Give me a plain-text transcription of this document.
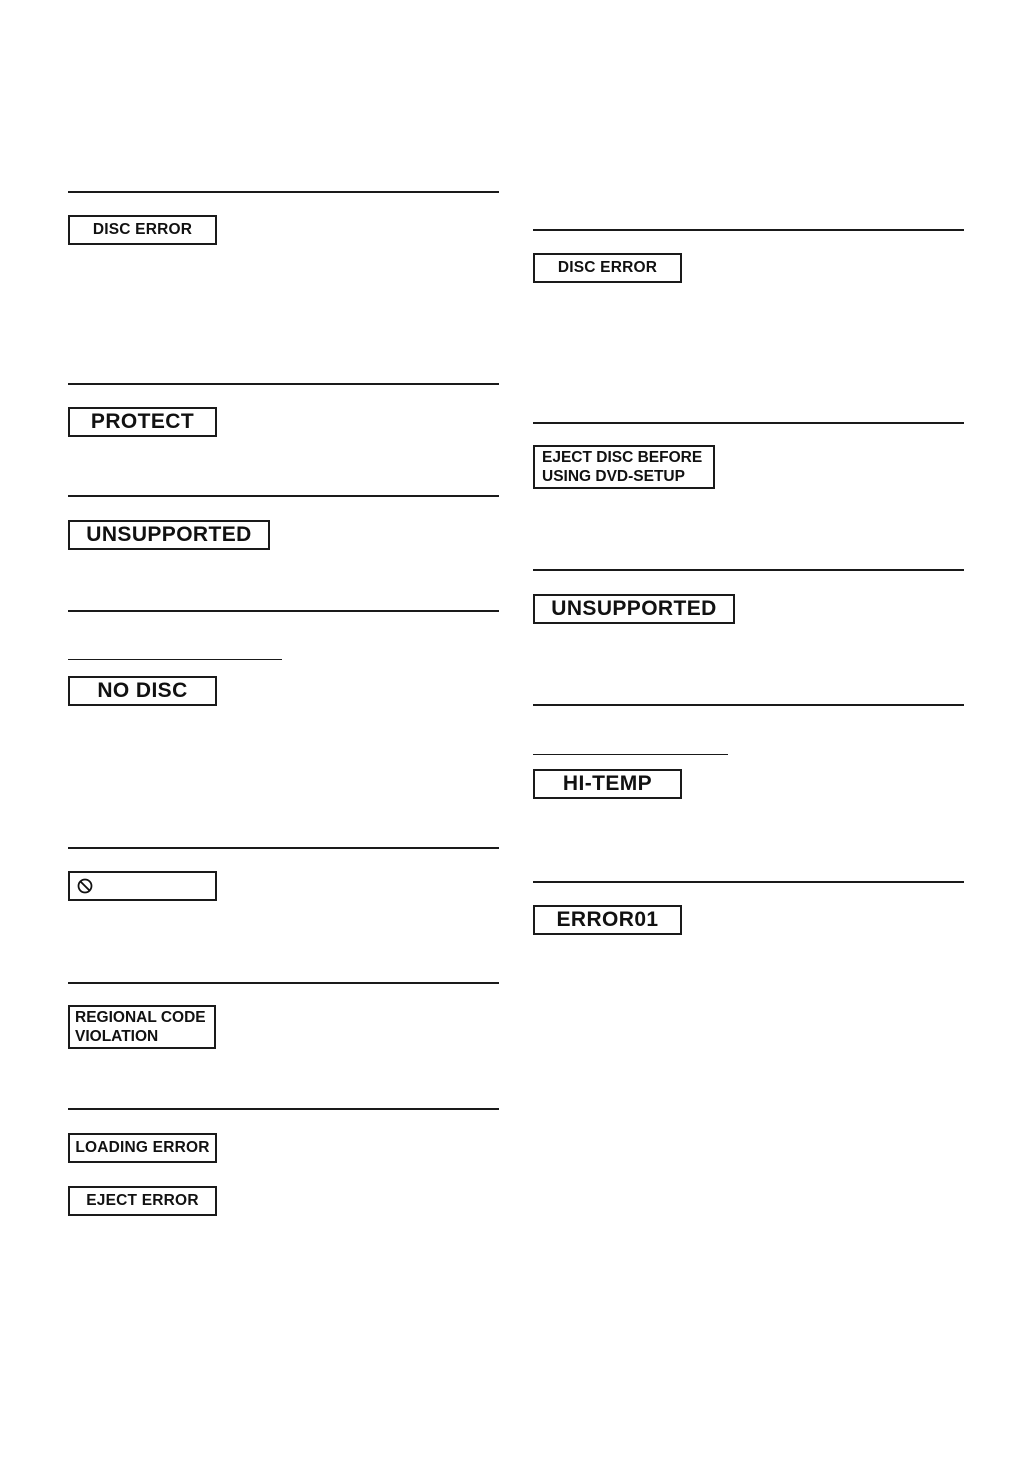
DISC ERROR
PROTECT
UNSUPPORTED
NO DISC
REGIONAL CODE
VIOLATION
LOADING ERROR
EJECT ERROR
DISC ERROR
EJECT DISC BEFORE
USING DVD-SETUP
UNSUPPORTED
HI-TEMP
ERROR01
